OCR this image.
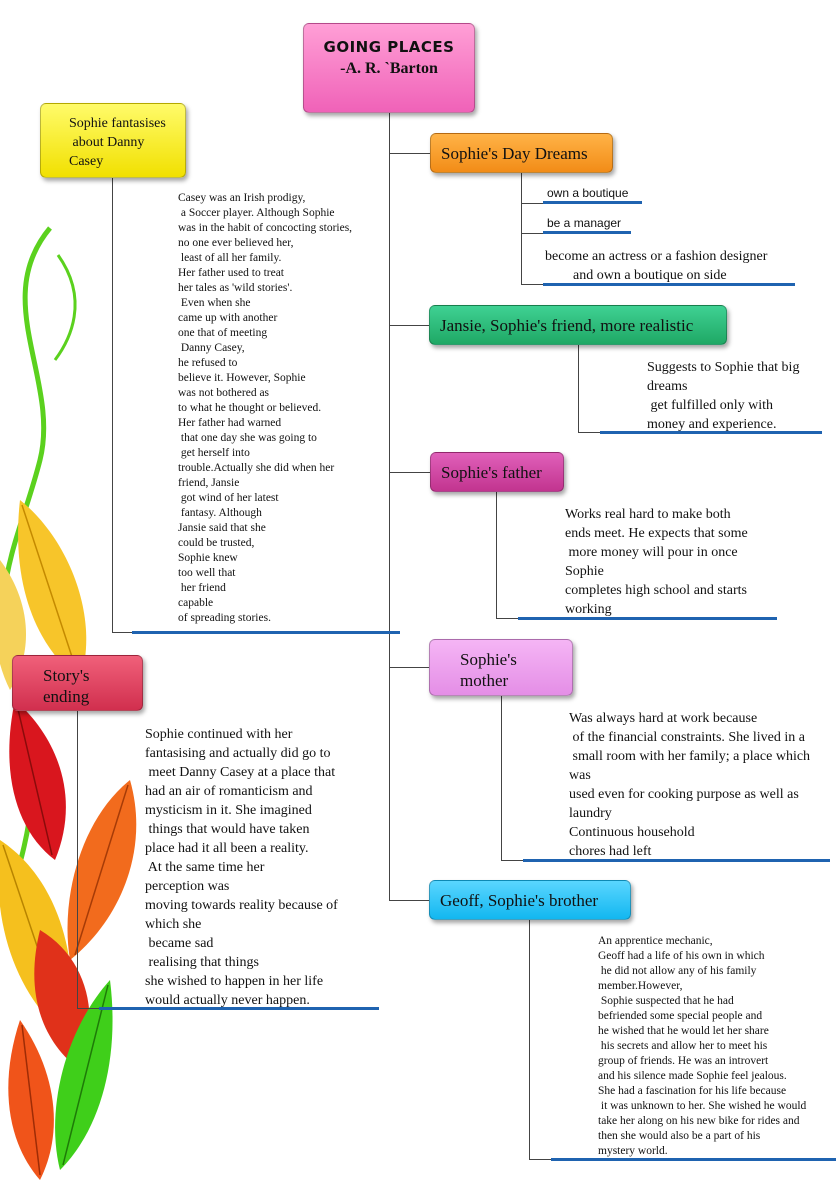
GOING PLACES
-A. R. `Barton
Sophie fantasises
about Danny
Casey
Casey was an Irish prodigy,
a Soccer player. Although Sophie
was in the habit of concocting stories,
no one ever believed her,
least of all her family.
Her father used to treat
her tales as 'wild stories'.
Even when she
came up with another
one that of meeting
Danny Casey,
he refused to
believe it. However, Sophie
was not bothered as
to what he thought or believed.
Her father had warned
that one day she was going to
get herself into
trouble.Actually she did when her
friend, Jansie
got wind of her latest
fantasy. Although
Jansie said that she
could be trusted,
Sophie knew
too well that
her friend
capable
of spreading stories.
Sophie's Day Dreams
own a boutique
be a manager
become an actress or a fashion designer
and own a boutique on side
Jansie, Sophie's friend, more realistic
Suggests to Sophie that big
dreams
get fulfilled only with
money and experience.
Sophie's father
Works real hard to make both
ends meet. He expects that some
more money will pour in once
Sophie
completes high school and starts
working
Sophie's
mother
Was always hard at work because
of the financial constraints. She lived in a
small room with her family; a place which
was
used even for cooking purpose as well as
laundry
Continuous household
chores had left
Geoff, Sophie's brother
An apprentice mechanic,
Geoff had a life of his own in which
he did not allow any of his family
member.However,
Sophie suspected that he had
befriended some special people and
he wished that he would let her share
his secrets and allow her to meet his
group of friends. He was an introvert
and his silence made Sophie feel jealous.
She had a fascination for his life because
it was unknown to her. She wished he would
take her along on his new bike for rides and
then she would also be a part of his
mystery world.
Story's
ending
Sophie continued with her
fantasising and actually did go to
meet Danny Casey at a place that
had an air of romanticism and
mysticism in it. She imagined
things that would have taken
place had it all been a reality.
At the same time her
perception was
moving towards reality because of
which she
became sad
realising that things
she wished to happen in her life
would actually never happen.
